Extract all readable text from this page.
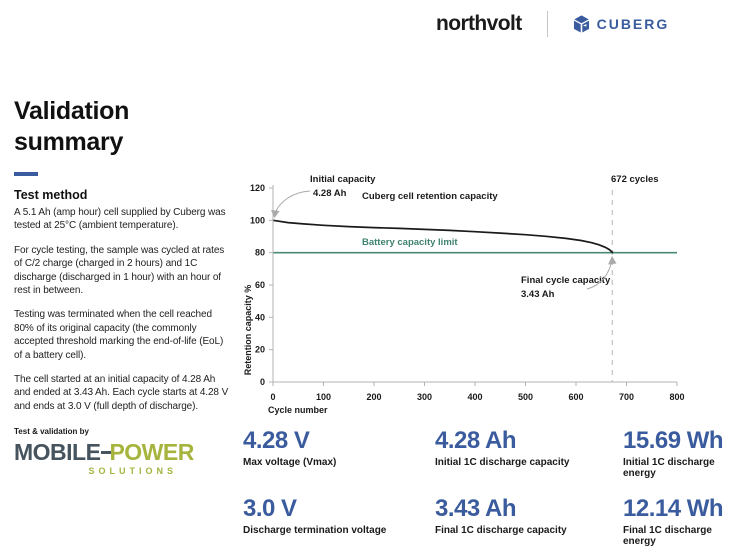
northvolt	CUBERG
Validation summary
Test method

A 5.1 Ah (amp hour) cell supplied by Cuberg was tested at 25°C (ambient temperature).

For cycle testing, the sample was cycled at rates of C/2 charge (charged in 2 hours) and 1C discharge (discharged in 1 hour) with an hour of rest in between.

Testing was terminated when the cell reached 80% of its original capacity (the commonly accepted threshold marking the end-of-life (EoL) of a battery cell).

The cell started at an initial capacity of 4.28 Ah and ended at 3.43 Ah. Each cycle starts at 4.28 V and ends at 3.0 V (full depth of discharge).

Test & validation by
MOBILE POWER
SOLUTIONS
0	100	200	300	400	500	600	700	800
0
20
40
60
80
100
120
Initial capacity
4.28 Ah Cuberg cell retention capacity
Battery capacity limit
672 cycles
Final cycle capacity
3.43 Ah
Retention capacity %
Cycle number
4.28 V
Max voltage (Vmax)
4.28 Ah
Initial 1C discharge capacity
15.69 Wh
Initial 1C discharge energy
3.0 V
Discharge termination voltage
3.43 Ah
Final 1C discharge capacity
12.14 Wh
Final 1C discharge energy
